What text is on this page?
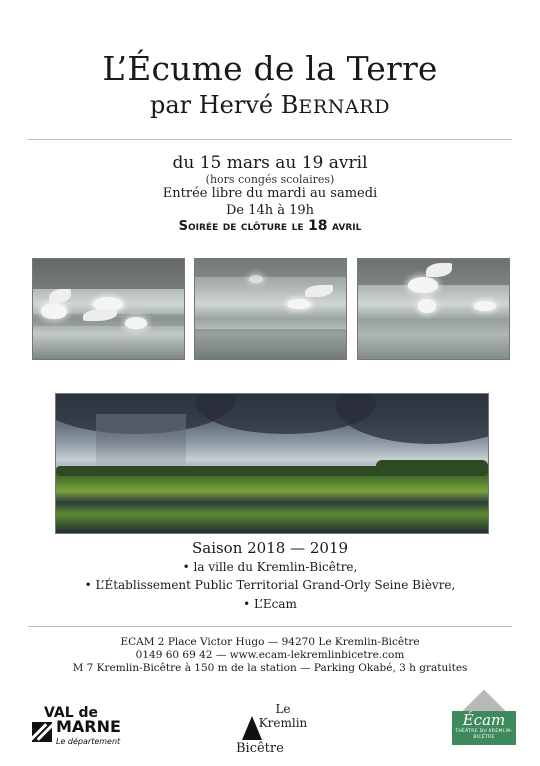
L’Écume de la Terre
par Hervé BERNARD
du 15 mars au 19 avril
(hors congés scolaires)
Entrée libre du mardi au samedi
De 14h à 19h
Soirée de clôture le 18 avril
Saison 2018 — 2019
• la ville du Kremlin-Bicêtre,
• L’Établissement Public Territorial Grand-Orly Seine Bièvre,
• L’Ecam
ECAM 2 Place Victor Hugo — 94270 Le Kremlin-Bicêtre
0149 60 69 42 — www.ecam-lekremlinbicetre.com
M 7 Kremlin-Bicêtre à 150 m de la station — Parking Okabé, 3 h gratuites
VAL de
MARNE
Le département
Le Kremlin
Bicêtre
Écam
THÉÂTRE DU KREMLIN-BICÊTRE
